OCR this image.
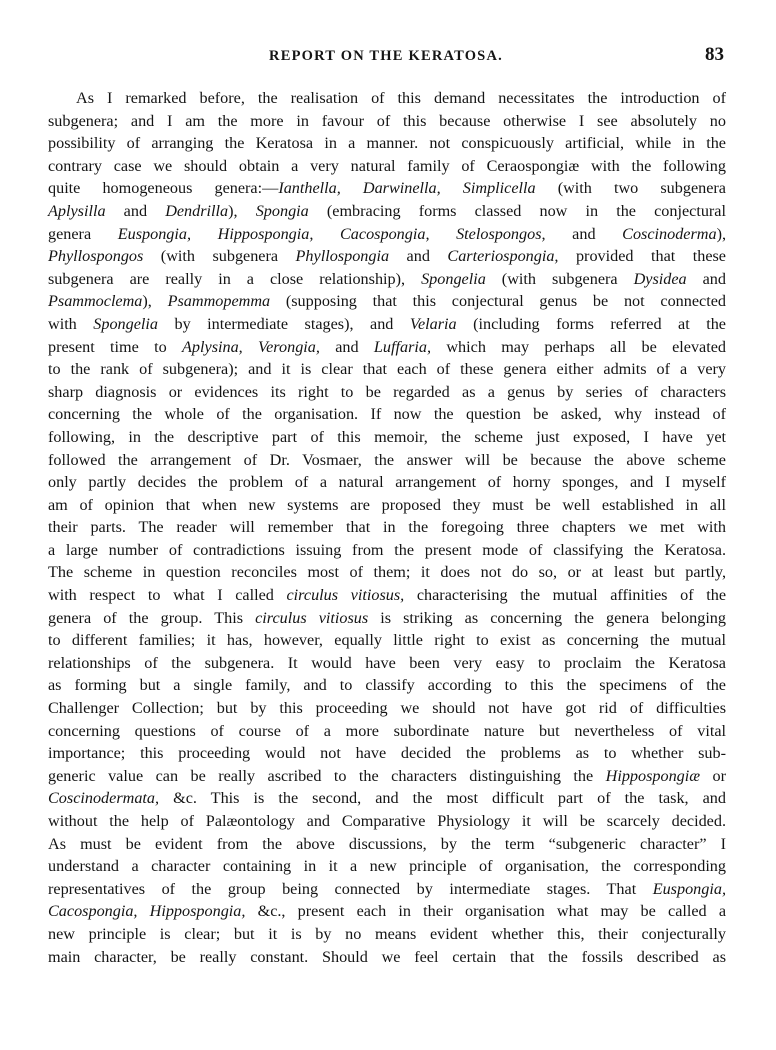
REPORT ON THE KERATOSA.	83
As I remarked before, the realisation of this demand necessitates the introduction of
subgenera; and I am the more in favour of this because otherwise I see absolutely no
possibility of arranging the Keratosa in a manner. not conspicuously artificial, while in the
contrary case we should obtain a very natural family of Ceraospongiæ with the following
quite homogeneous genera:—Ianthella, Darwinella, Simplicella (with two subgenera
Aplysilla and Dendrilla), Spongia (embracing forms classed now in the conjectural
genera Euspongia, Hippospongia, Cacospongia, Stelospongos, and Coscinoderma),
Phyllospongos (with subgenera Phyllospongia and Carteriospongia, provided that these
subgenera are really in a close relationship), Spongelia (with subgenera Dysidea and
Psammoclema), Psammopemma (supposing that this conjectural genus be not connected
with Spongelia by intermediate stages), and Velaria (including forms referred at the
present time to Aplysina, Verongia, and Luffaria, which may perhaps all be elevated
to the rank of subgenera); and it is clear that each of these genera either admits of a very
sharp diagnosis or evidences its right to be regarded as a genus by series of characters
concerning the whole of the organisation. If now the question be asked, why instead of
following, in the descriptive part of this memoir, the scheme just exposed, I have yet
followed the arrangement of Dr. Vosmaer, the answer will be because the above scheme
only partly decides the problem of a natural arrangement of horny sponges, and I myself
am of opinion that when new systems are proposed they must be well established in all
their parts. The reader will remember that in the foregoing three chapters we met with
a large number of contradictions issuing from the present mode of classifying the Keratosa.
The scheme in question reconciles most of them; it does not do so, or at least but partly,
with respect to what I called circulus vitiosus, characterising the mutual affinities of the
genera of the group. This circulus vitiosus is striking as concerning the genera belonging
to different families; it has, however, equally little right to exist as concerning the mutual
relationships of the subgenera. It would have been very easy to proclaim the Keratosa
as forming but a single family, and to classify according to this the specimens of the
Challenger Collection; but by this proceeding we should not have got rid of difficulties
concerning questions of course of a more subordinate nature but nevertheless of vital
importance; this proceeding would not have decided the problems as to whether sub-
generic value can be really ascribed to the characters distinguishing the Hippospongiæ or
Coscinodermata, &c. This is the second, and the most difficult part of the task, and
without the help of Palæontology and Comparative Physiology it will be scarcely decided.
As must be evident from the above discussions, by the term “subgeneric character” I
understand a character containing in it a new principle of organisation, the corresponding
representatives of the group being connected by intermediate stages. That Euspongia,
Cacospongia, Hippospongia, &c., present each in their organisation what may be called a
new principle is clear; but it is by no means evident whether this, their conjecturally
main character, be really constant. Should we feel certain that the fossils described as
